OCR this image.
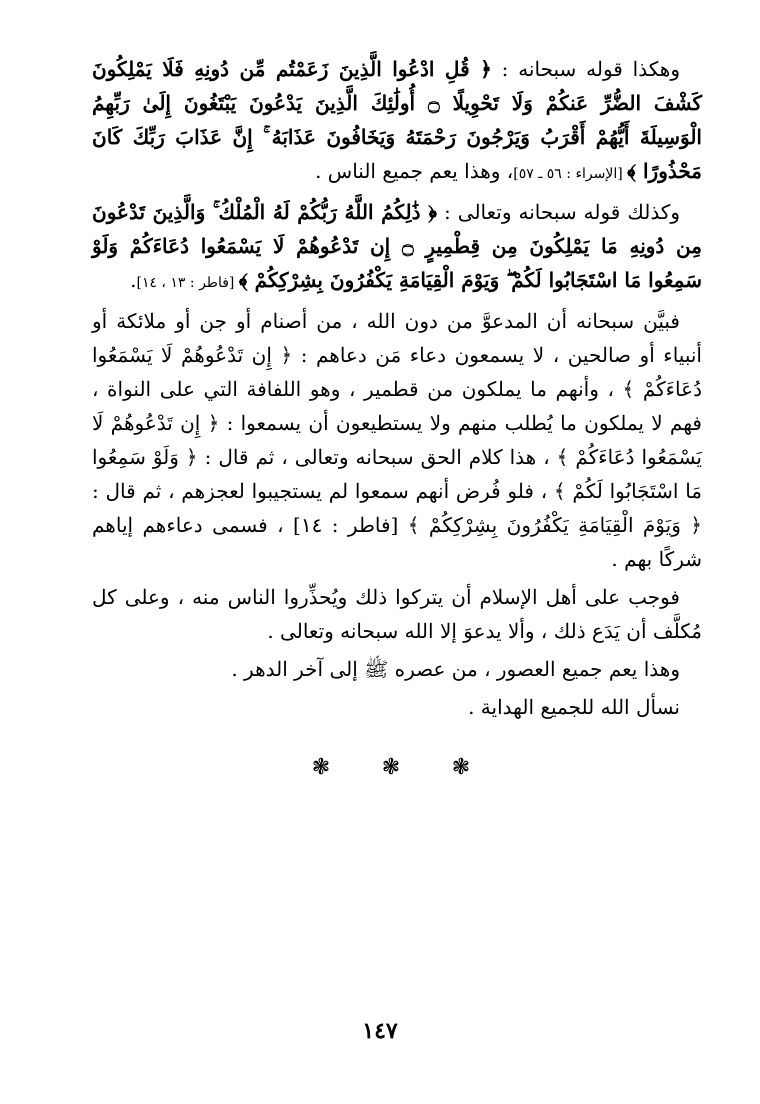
وهكذا قوله سبحانه : ﴿ قُلِ ادْعُوا الَّذِينَ زَعَمْتُم مِّن دُونِهِ فَلَا يَمْلِكُونَ كَشْفَ الضُّرِّ عَنكُمْ وَلَا تَحْوِيلًا ۝ أُولَٰئِكَ الَّذِينَ يَدْعُونَ يَبْتَغُونَ إِلَىٰ رَبِّهِمُ الْوَسِيلَةَ أَيُّهُمْ أَقْرَبُ وَيَرْجُونَ رَحْمَتَهُ وَيَخَافُونَ عَذَابَهُ ۚ إِنَّ عَذَابَ رَبِّكَ كَانَ مَحْذُورًا ﴾ [الإسراء : ٥٦ ـ ٥٧]، وهذا يعم جميع الناس .

وكذلك قوله سبحانه وتعالى : ﴿ ذَٰلِكُمُ اللَّهُ رَبُّكُمْ لَهُ الْمُلْكُ ۚ وَالَّذِينَ تَدْعُونَ مِن دُونِهِ مَا يَمْلِكُونَ مِن قِطْمِيرٍ ۝ إِن تَدْعُوهُمْ لَا يَسْمَعُوا دُعَاءَكُمْ وَلَوْ سَمِعُوا مَا اسْتَجَابُوا لَكُمْ ۖ وَيَوْمَ الْقِيَامَةِ يَكْفُرُونَ بِشِرْكِكُمْ ﴾ [فاطر : ١٣ ، ١٤].

فبيَّن سبحانه أن المدعوَّ من دون الله ، من أصنام أو جن أو ملائكة أو أنبياء أو صالحين ، لا يسمعون دعاء مَن دعاهم : ﴿ إِن تَدْعُوهُمْ لَا يَسْمَعُوا دُعَاءَكُمْ ﴾ ، وأنهم ما يملكون من قطمير ، وهو اللفافة التي على النواة ، فهم لا يملكون ما يُطلب منهم ولا يستطيعون أن يسمعوا : ﴿ إِن تَدْعُوهُمْ لَا يَسْمَعُوا دُعَاءَكُمْ ﴾ ، هذا كلام الحق سبحانه وتعالى ، ثم قال : ﴿ وَلَوْ سَمِعُوا مَا اسْتَجَابُوا لَكُمْ ﴾ ، فلو فُرض أنهم سمعوا لم يستجيبوا لعجزهم ، ثم قال : ﴿ وَيَوْمَ الْقِيَامَةِ يَكْفُرُونَ بِشِرْكِكُمْ ﴾ [فاطر : ١٤] ، فسمى دعاءهم إياهم شركًا بهم .

فوجب على أهل الإسلام أن يتركوا ذلك ويُحذِّروا الناس منه ، وعلى كل مُكلَّف أن يَدَع ذلك ، وألا يدعوَ إلا الله سبحانه وتعالى .

وهذا يعم جميع العصور ، من عصره ﷺ إلى آخر الدهر .

نسأل الله للجميع الهداية .

❃ ❃ ❃
١٤٧
